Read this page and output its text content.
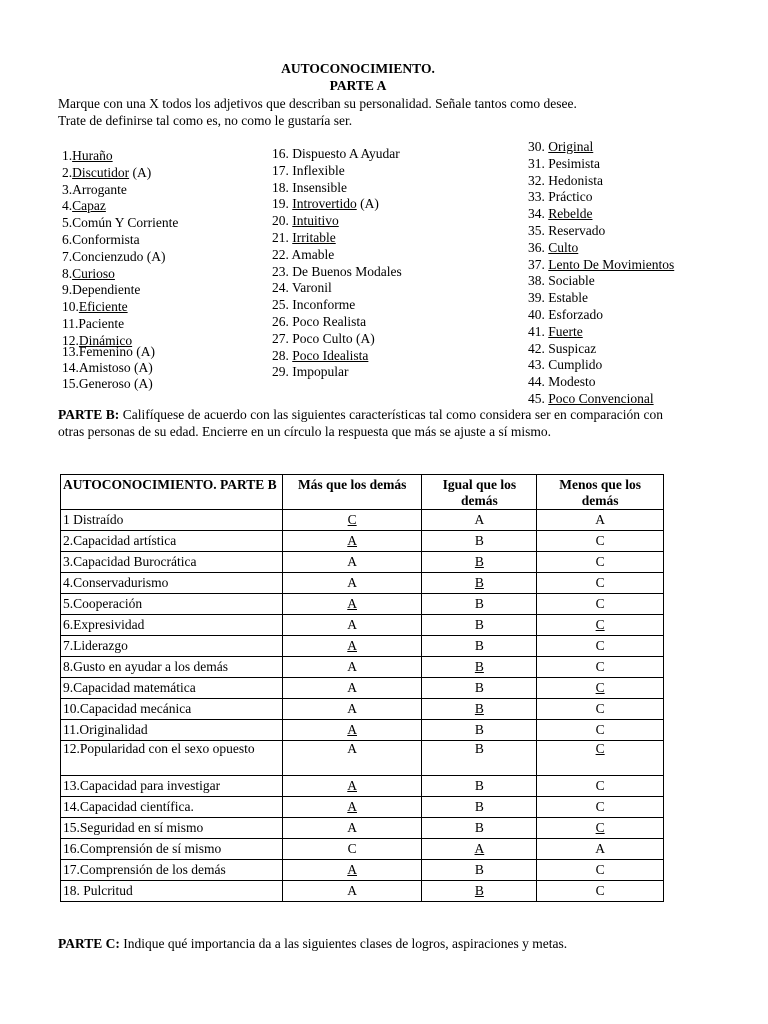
AUTOCONOCIMIENTO.
PARTE A
Marque con una X todos los adjetivos que describan su personalidad. Señale tantos como desee.
Trate de definirse tal como es, no como le gustaría ser.
1.Huraño
2.Discutidor (A)
3.Arrogante
4.Capaz
5.Común Y Corriente
6.Conformista
7.Concienzudo (A)
8.Curioso
9.Dependiente
10.Eficiente
11.Paciente
12.Dinámico
13.Femenino (A)
14.Amistoso (A)
15.Generoso (A)
16. Dispuesto A Ayudar
17. Inflexible
18. Insensible
19. Introvertido (A)
20. Intuitivo
21. Irritable
22. Amable
23. De Buenos Modales
24. Varonil
25. Inconforme
26. Poco Realista
27. Poco Culto (A)
28. Poco Idealista
29. Impopular
30. Original
31. Pesimista
32. Hedonista
33. Práctico
34. Rebelde
35. Reservado
36. Culto
37. Lento De Movimientos
38. Sociable
39. Estable
40. Esforzado
41. Fuerte
42. Suspicaz
43. Cumplido
44. Modesto
45. Poco Convencional
PARTE B: Califíquese de acuerdo con las siguientes características tal como considera ser en comparación con otras personas de su edad. Encierre en un círculo la respuesta que más se ajuste a sí mismo.
AUTOCONOCIMIENTO. PARTE B	Más que los demás	Igual que los demás	Menos que los demás
1 Distraído	C	A	A
2.Capacidad artística	A	B	C
3.Capacidad Burocrática	A	B	C
4.Conservadurismo	A	B	C
5.Cooperación	A	B	C
6.Expresividad	A	B	C
7.Liderazgo	A	B	C
8.Gusto en ayudar a los demás	A	B	C
9.Capacidad matemática	A	B	C
10.Capacidad mecánica	A	B	C
11.Originalidad	A	B	C
12.Popularidad con el sexo opuesto	A	B	C
13.Capacidad para investigar	A	B	C
14.Capacidad científica.	A	B	C
15.Seguridad en sí mismo	A	B	C
16.Comprensión de sí mismo	C	A	A
17.Comprensión de los demás	A	B	C
18. Pulcritud	A	B	C
PARTE C: Indique qué importancia da a las siguientes clases de logros, aspiraciones y metas.
